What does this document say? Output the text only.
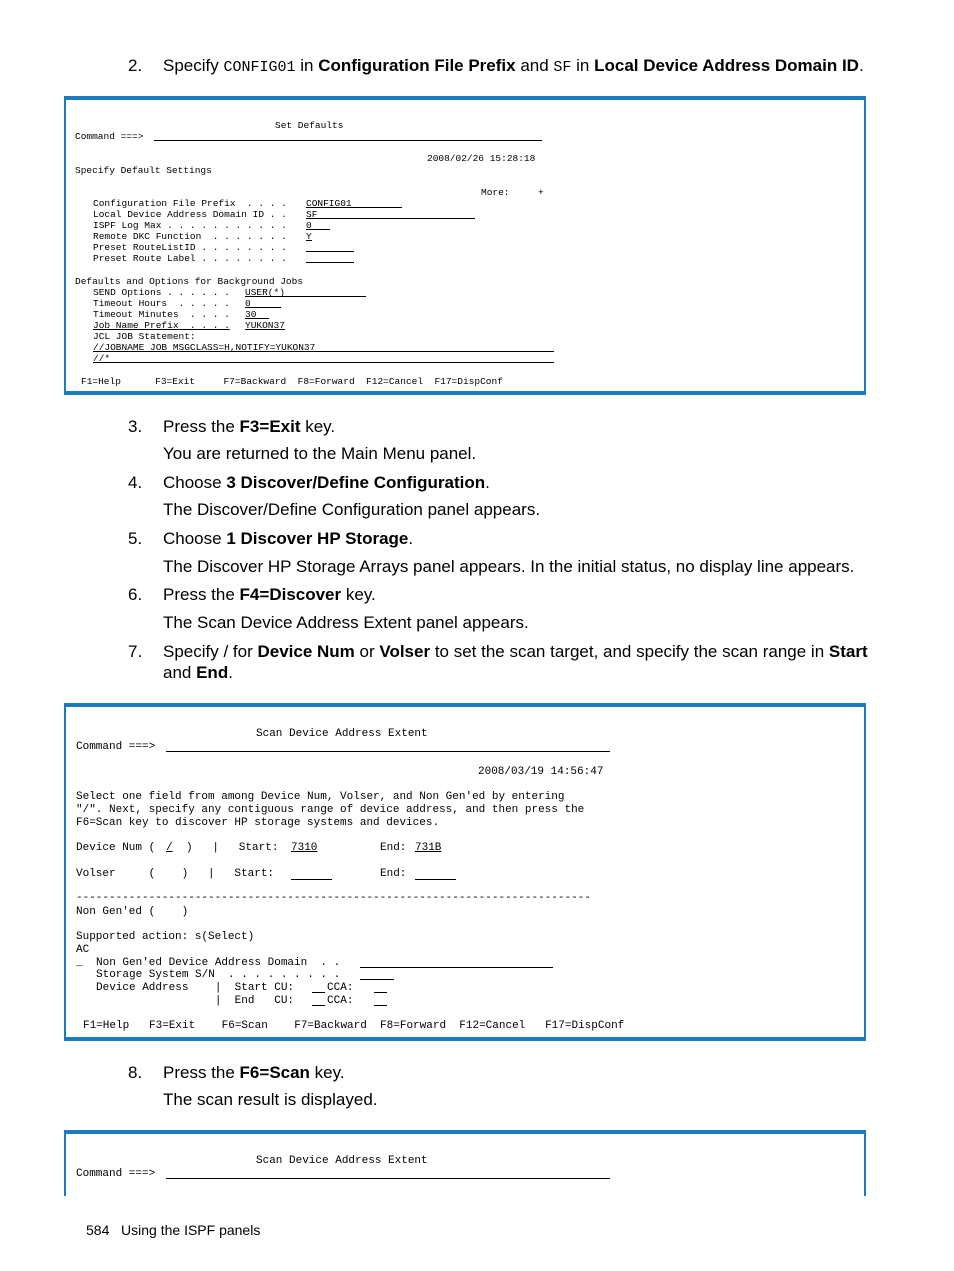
2. Specify CONFIG01 in Configuration File Prefix and SF in Local Device Address Domain ID.
Set Defaults
Command ===>
2008/02/26 15:28:18
Specify Default Settings
More:     +
Configuration File Prefix  . . . . CONFIG01
Local Device Address Domain ID . . SF
ISPF Log Max . . . . . . . . . . . 0
Remote DKC Function  . . . . . . . Y
Preset RouteListID . . . . . . . .
Preset Route Label . . . . . . . .
Defaults and Options for Background Jobs
SEND Options . . . . . . USER(*)
Timeout Hours  . . . . . 0
Timeout Minutes  . . . . 30
Job Name Prefix  . . . . YUKON37
JCL JOB Statement:
//JOBNAME JOB MSGCLASS=H,NOTIFY=YUKON37
//*
F1=Help      F3=Exit     F7=Backward  F8=Forward  F12=Cancel  F17=DispConf
3. Press the F3=Exit key.
You are returned to the Main Menu panel.
4. Choose 3 Discover/Define Configuration.
The Discover/Define Configuration panel appears.
5. Choose 1 Discover HP Storage.
The Discover HP Storage Arrays panel appears. In the initial status, no display line appears.
6. Press the F4=Discover key.
The Scan Device Address Extent panel appears.
7. Specify / for Device Num or Volser to set the scan target, and specify the scan range in Start
and End.
Scan Device Address Extent
Command ===>
2008/03/19 14:56:47
Select one field from among Device Num, Volser, and Non Gen'ed by entering
"/". Next, specify any contiguous range of device address, and then press the
F6=Scan key to discover HP storage systems and devices.
Device Num ( / )   |   Start: 7310	End: 731B
Volser     (    )   |   Start:	End:
------------------------------------------------------------------------------
Non Gen'ed (    )
Supported action: s(Select)
AC
_ Non Gen'ed Device Address Domain  . .
Storage System S/N  . . . . . . . . .
Device Address    |  Start CU:     CCA:
|  End   CU:     CCA:
F1=Help   F3=Exit    F6=Scan    F7=Backward  F8=Forward  F12=Cancel   F17=DispConf
8. Press the F6=Scan key.
The scan result is displayed.
Scan Device Address Extent
Command ===>
584 Using the ISPF panels
